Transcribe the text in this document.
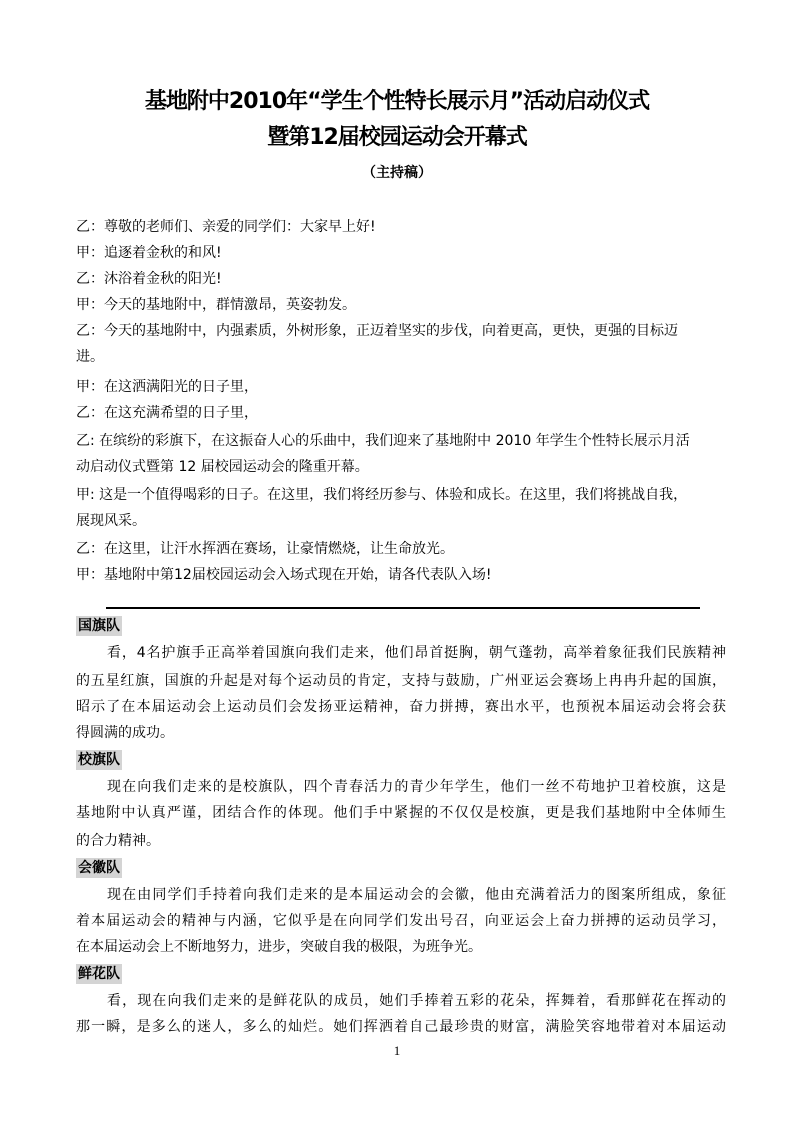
基地附中2010年“学生个性特长展示月”活动启动仪式
暨第12届校园运动会开幕式
（主持稿）
乙：尊敬的老师们、亲爱的同学们：大家早上好!
甲：追逐着金秋的和风!
乙：沐浴着金秋的阳光!
甲：今天的基地附中，群情激昂，英姿勃发。
乙：今天的基地附中，内强素质，外树形象，正迈着坚实的步伐，向着更高，更快，更强的目标迈
进。
甲：在这洒满阳光的日子里，
乙：在这充满希望的日子里，
乙: 在缤纷的彩旗下，在这振奋人心的乐曲中，我们迎来了基地附中 2010 年学生个性特长展示月活
动启动仪式暨第 12 届校园运动会的隆重开幕。
甲: 这是一个值得喝彩的日子。在这里，我们将经历参与、体验和成长。在这里，我们将挑战自我，
展现风采。
乙：在这里，让汗水挥洒在赛场，让豪情燃烧，让生命放光。
甲：基地附中第12届校园运动会入场式现在开始，请各代表队入场!
国旗队
看，4名护旗手正高举着国旗向我们走来，他们昂首挺胸，朝气蓬勃，高举着象征我们民族精神
的五星红旗，国旗的升起是对每个运动员的肯定，支持与鼓励，广州亚运会赛场上冉冉升起的国旗，
昭示了在本届运动会上运动员们会发扬亚运精神，奋力拼搏，赛出水平，也预祝本届运动会将会获
得圆满的成功。
校旗队
现在向我们走来的是校旗队，四个青春活力的青少年学生，他们一丝不苟地护卫着校旗，这是
基地附中认真严谨，团结合作的体现。他们手中紧握的不仅仅是校旗，更是我们基地附中全体师生
的合力精神。
会徽队
现在由同学们手持着向我们走来的是本届运动会的会徽，他由充满着活力的图案所组成，象征
着本届运动会的精神与内涵，它似乎是在向同学们发出号召，向亚运会上奋力拼搏的运动员学习，
在本届运动会上不断地努力，进步，突破自我的极限，为班争光。
鲜花队
看，现在向我们走来的是鲜花队的成员，她们手捧着五彩的花朵，挥舞着，看那鲜花在挥动的
那一瞬，是多么的迷人，多么的灿烂。她们挥洒着自己最珍贵的财富，满脸笑容地带着对本届运动
1
